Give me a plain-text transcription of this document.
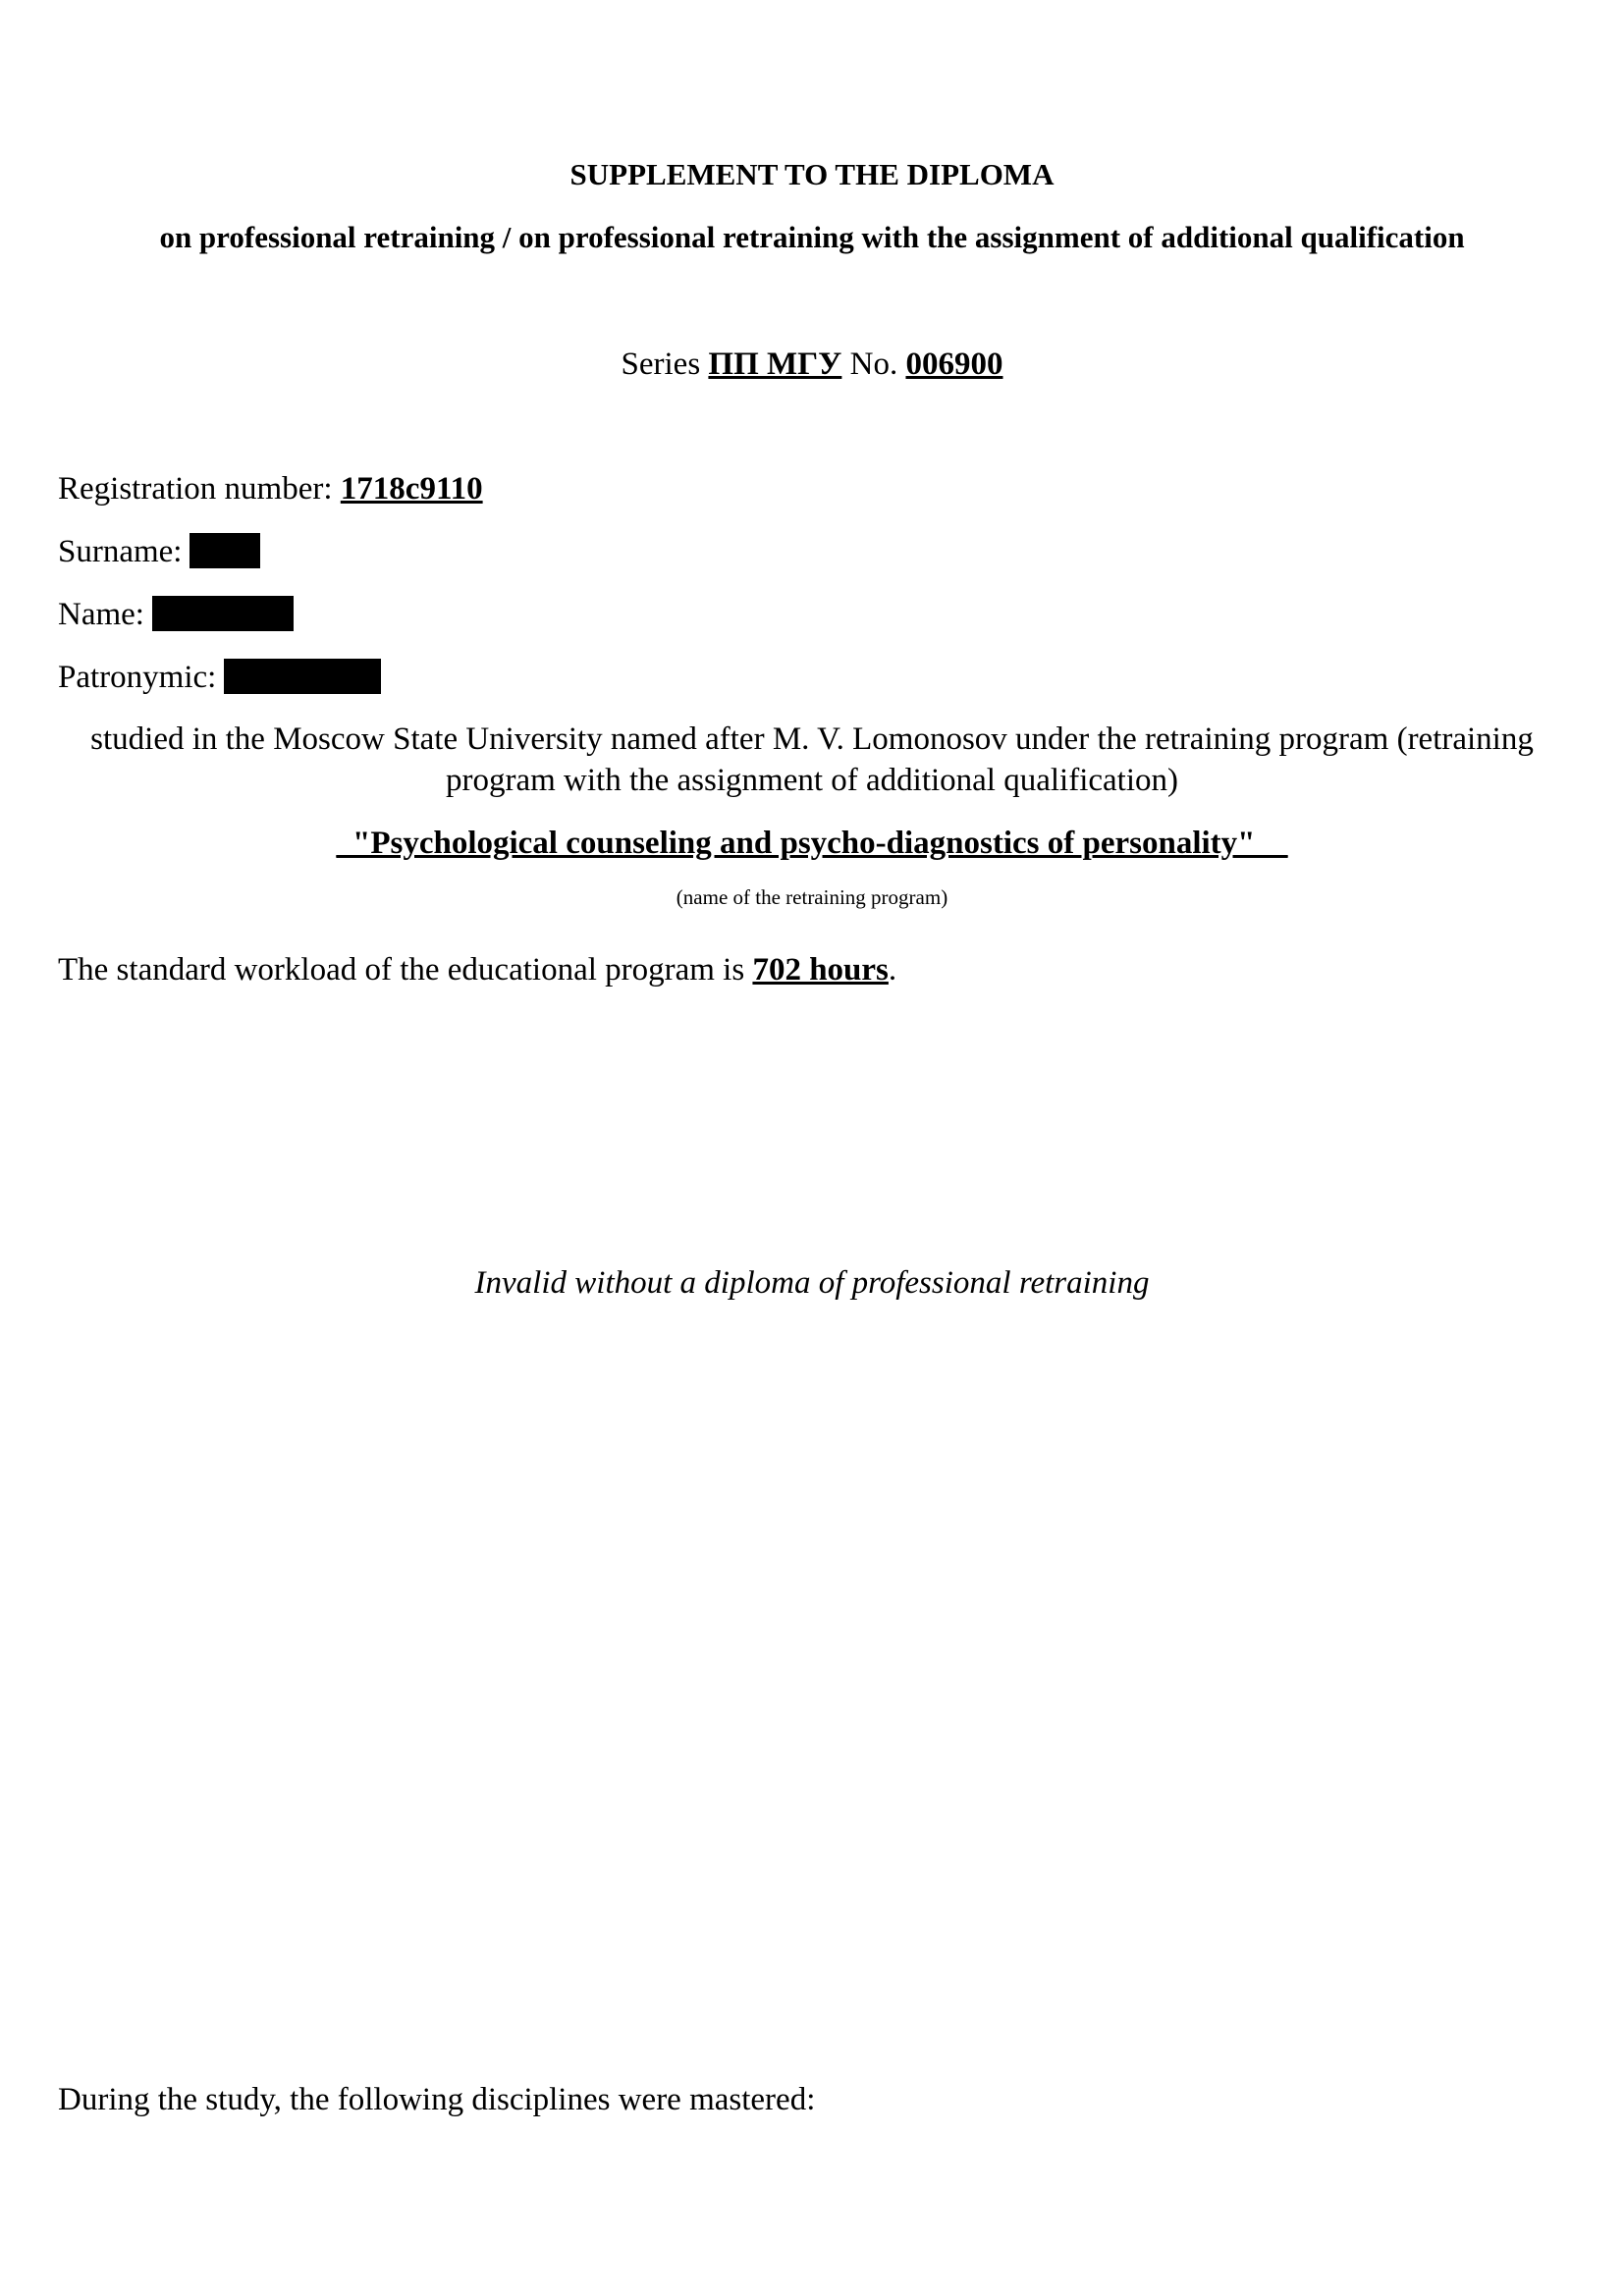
SUPPLEMENT TO THE DIPLOMA
on professional retraining / on professional retraining with the assignment of additional qualification
Series ПП МГУ No. 006900
Registration number: 1718c9110
Surname:
Name:
Patronymic:
studied in the Moscow State University named after M. V. Lomonosov under the retraining program (retraining program with the assignment of additional qualification)
_"Psychological counseling and psycho-diagnostics of personality"__
(name of the retraining program)
The standard workload of the educational program is 702 hours.
Invalid without a diploma of professional retraining
During the study, the following disciplines were mastered:
